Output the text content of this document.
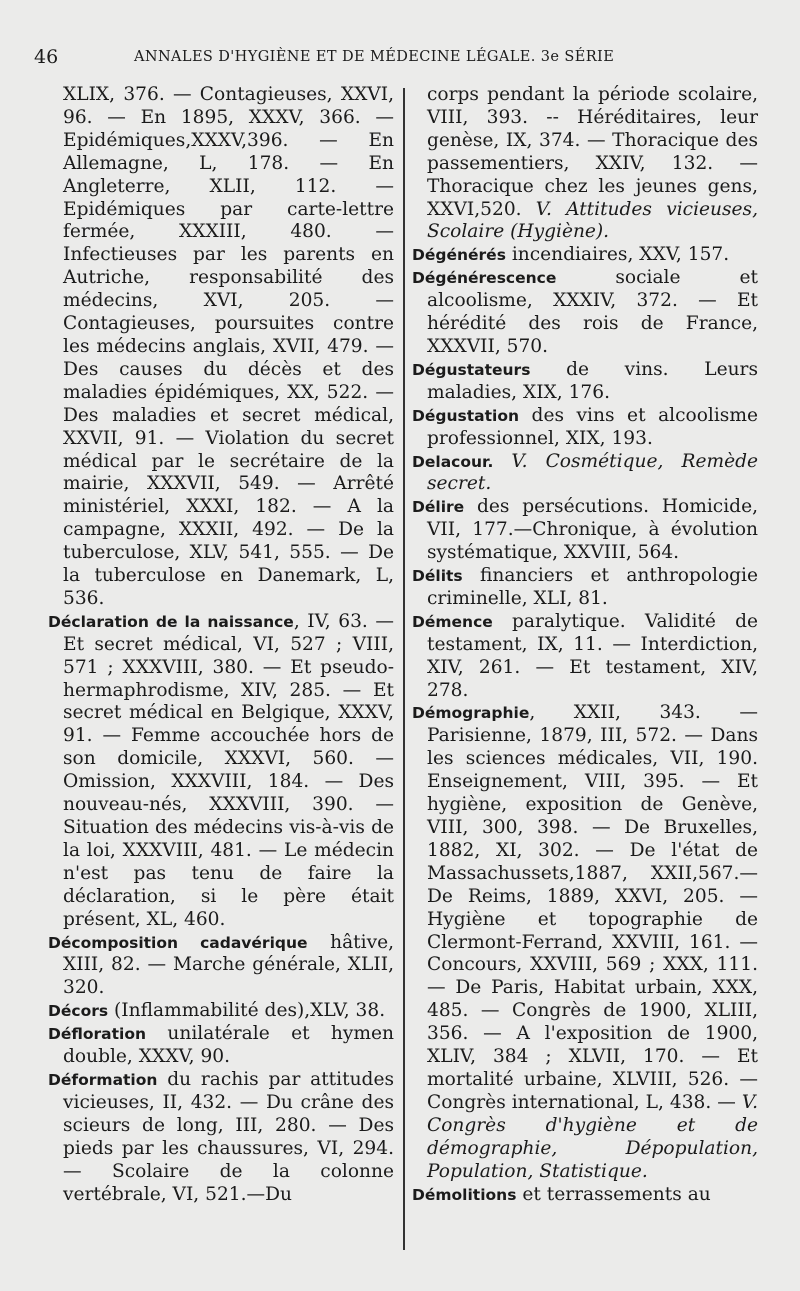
46	ANNALES D'HYGIÈNE ET DE MÉDECINE LÉGALE. 3e SÉRIE

XLIX, 376. — Contagieuses, XXVI, 96. — En 1895, XXXV, 366. — Epidémiques,XXXV,396. — En Allemagne, L, 178. — En Angleterre, XLII, 112. — Epidémiques par carte-lettre fermée, XXXIII, 480. — Infectieuses par les parents en Autriche, responsabilité des médecins, XVI, 205. — Contagieuses, poursuites contre les médecins anglais, XVII, 479. — Des causes du décès et des maladies épidémiques, XX, 522. — Des maladies et secret médical, XXVII, 91. — Violation du secret médical par le secrétaire de la mairie, XXXVII, 549. — Arrêté ministériel, XXXI, 182. — A la campagne, XXXII, 492. — De la tuberculose, XLV, 541, 555. — De la tuberculose en Danemark, L, 536.

Déclaration de la naissance, IV, 63. — Et secret médical, VI, 527 ; VIII, 571 ; XXXVIII, 380. — Et pseudo-hermaphrodisme, XIV, 285. — Et secret médical en Belgique, XXXV, 91. — Femme accouchée hors de son domicile, XXXVI, 560. — Omission, XXXVIII, 184. — Des nouveau-nés, XXXVIII, 390. — Situation des médecins vis-à-vis de la loi, XXXVIII, 481. — Le médecin n'est pas tenu de faire la déclaration, si le père était présent, XL, 460.

Décomposition cadavérique hâtive, XIII, 82. — Marche générale, XLII, 320.

Décors (Inflammabilité des),XLV, 38.

Défloration unilatérale et hymen double, XXXV, 90.

Déformation du rachis par attitudes vicieuses, II, 432. — Du crâne des scieurs de long, III, 280. — Des pieds par les chaussures, VI, 294. — Scolaire de la colonne vertébrale, VI, 521.—Du

corps pendant la période scolaire, VIII, 393. -- Héréditaires, leur genèse, IX, 374. — Thoracique des passementiers, XXIV, 132. —Thoracique chez les jeunes gens, XXVI,520. V. Attitudes vicieuses, Scolaire (Hygiène).

Dégénérés incendiaires, XXV, 157.

Dégénérescence sociale et alcoolisme, XXXIV, 372. — Et hérédité des rois de France, XXXVII, 570.

Dégustateurs de vins. Leurs maladies, XIX, 176.

Dégustation des vins et alcoolisme professionnel, XIX, 193.

Delacour. V. Cosmétique, Remède secret.

Délire des persécutions. Homicide, VII, 177.—Chronique, à évolution systématique, XXVIII, 564.

Délits financiers et anthropologie criminelle, XLI, 81.

Démence paralytique. Validité de testament, IX, 11. — Interdiction, XIV, 261. — Et testament, XIV, 278.

Démographie, XXII, 343. — Parisienne, 1879, III, 572. — Dans les sciences médicales, VII, 190. Enseignement, VIII, 395. — Et hygiène, exposition de Genève, VIII, 300, 398. — De Bruxelles, 1882, XI, 302. — De l'état de Massachussets,1887, XXII,567.— De Reims, 1889, XXVI, 205. — Hygiène et topographie de Clermont-Ferrand, XXVIII, 161. — Concours, XXVIII, 569 ; XXX, 111. — De Paris, Habitat urbain, XXX, 485. — Congrès de 1900, XLIII, 356. — A l'exposition de 1900, XLIV, 384 ; XLVII, 170. — Et mortalité urbaine, XLVIII, 526. — Congrès international, L, 438. — V. Congrès d'hygiène et de démographie, Dépopulation, Population, Statistique.

Démolitions et terrassements au
